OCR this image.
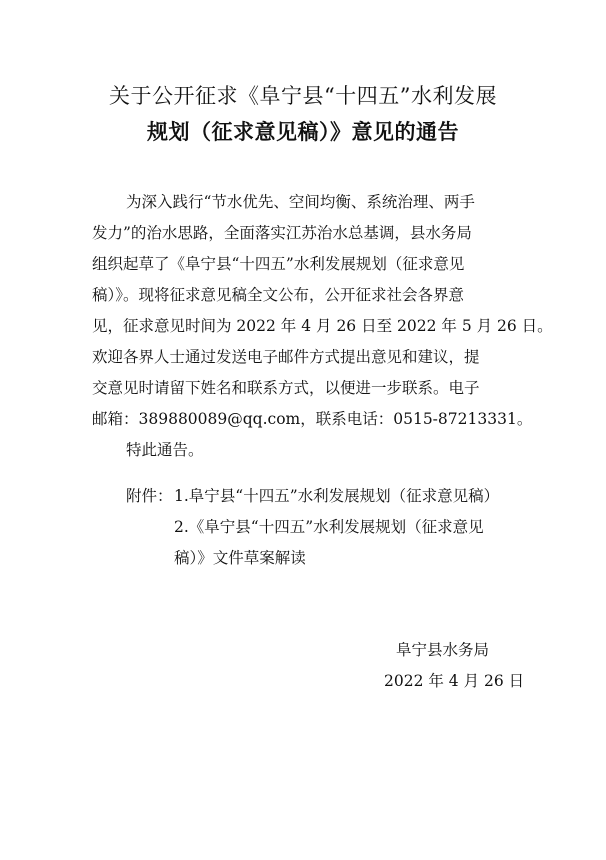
关于公开征求《阜宁县“十四五”水利发展
规划（征求意见稿）》意见的通告
为深入践行“节水优先、空间均衡、系统治理、两手
发力”的治水思路，全面落实江苏治水总基调，县水务局
组织起草了《阜宁县“十四五”水利发展规划（征求意见
稿）》。现将征求意见稿全文公布，公开征求社会各界意
见，征求意见时间为 2022 年 4 月 26 日至 2022 年 5 月 26 日。
欢迎各界人士通过发送电子邮件方式提出意见和建议，提
交意见时请留下姓名和联系方式，以便进一步联系。电子
邮箱：389880089@qq.com，联系电话：0515-87213331。
特此通告。
附件： 1.阜宁县“十四五”水利发展规划（征求意见稿）
2.《阜宁县“十四五”水利发展规划（征求意见
稿）》文件草案解读
阜宁县水务局
2022 年 4 月 26 日
